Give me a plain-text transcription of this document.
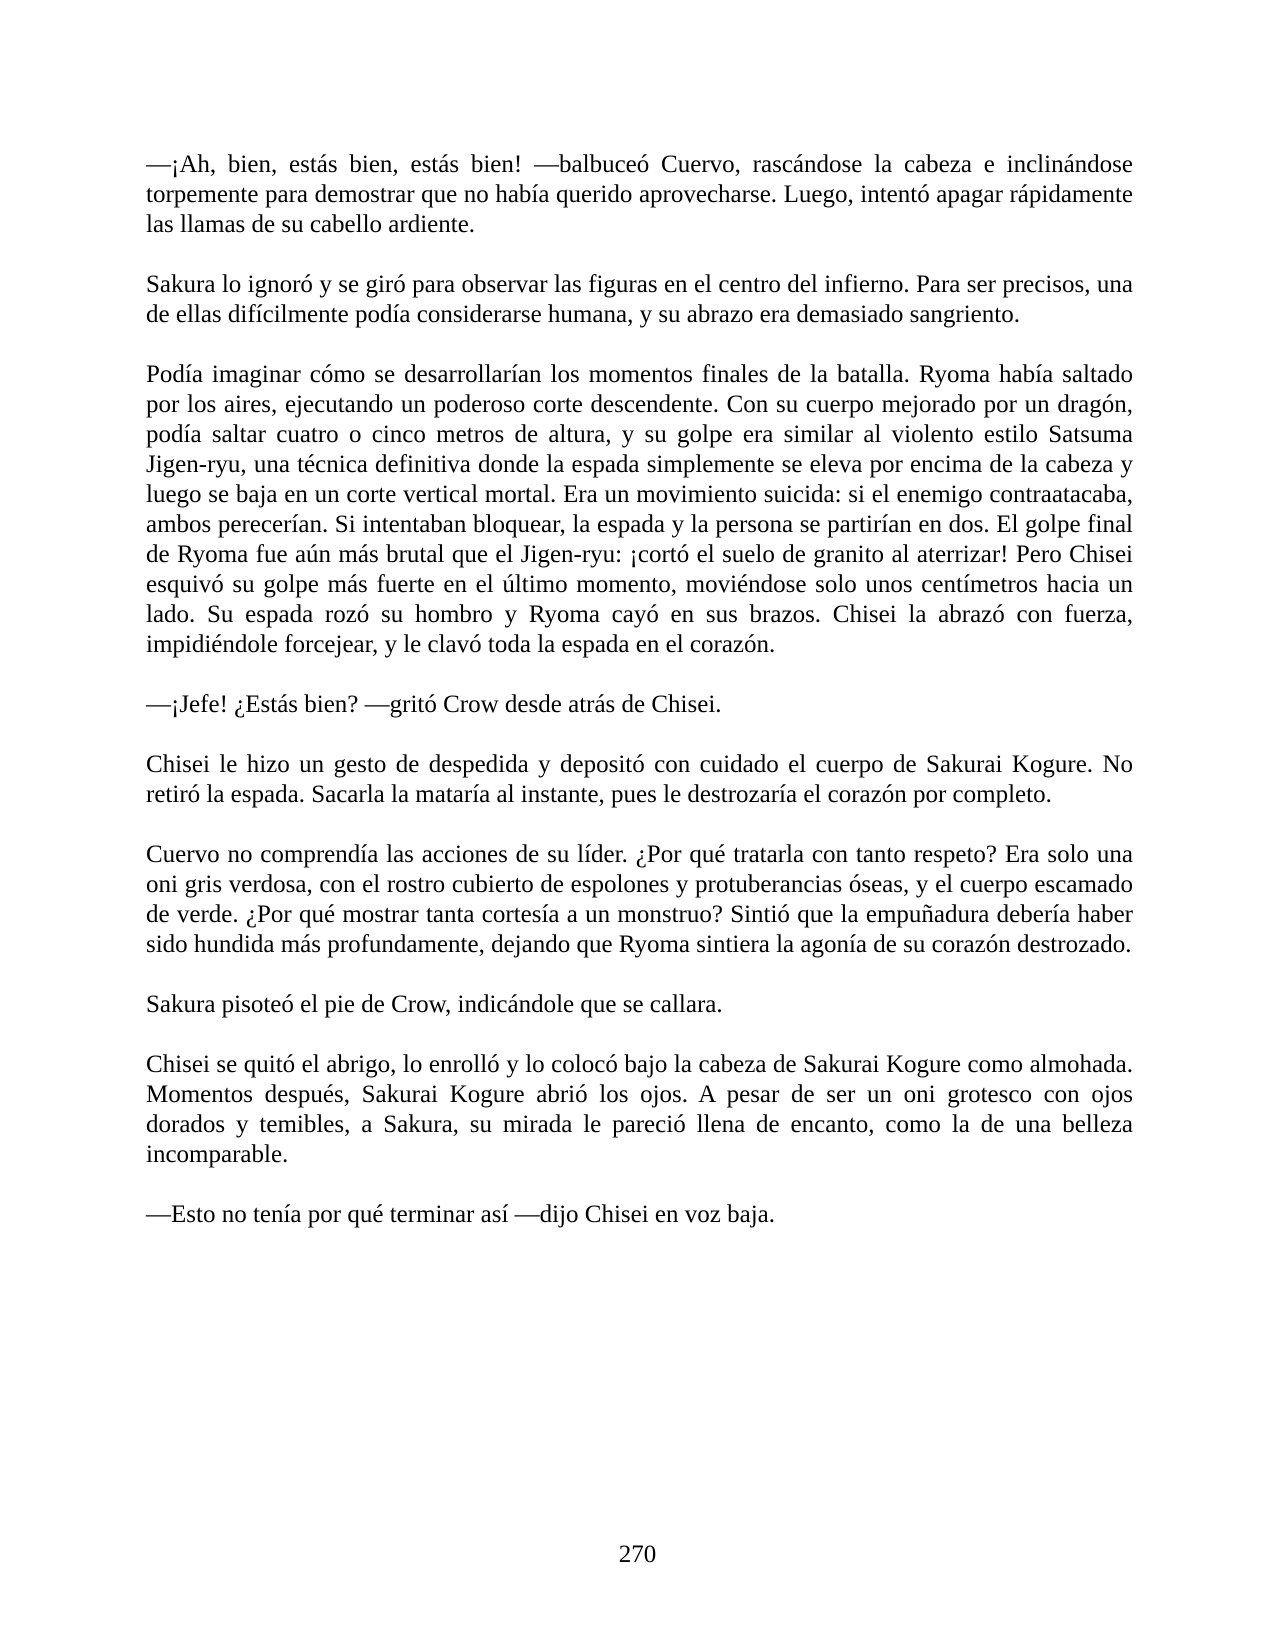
—¡Ah, bien, estás bien, estás bien! —balbuceó Cuervo, rascándose la cabeza e inclinándose torpemente para demostrar que no había querido aprovecharse. Luego, intentó apagar rápidamente las llamas de su cabello ardiente.

Sakura lo ignoró y se giró para observar las figuras en el centro del infierno. Para ser precisos, una de ellas difícilmente podía considerarse humana, y su abrazo era demasiado sangriento.

Podía imaginar cómo se desarrollarían los momentos finales de la batalla. Ryoma había saltado por los aires, ejecutando un poderoso corte descendente. Con su cuerpo mejorado por un dragón, podía saltar cuatro o cinco metros de altura, y su golpe era similar al violento estilo Satsuma Jigen-ryu, una técnica definitiva donde la espada simplemente se eleva por encima de la cabeza y luego se baja en un corte vertical mortal. Era un movimiento suicida: si el enemigo contraatacaba, ambos perecerían. Si intentaban bloquear, la espada y la persona se partirían en dos. El golpe final de Ryoma fue aún más brutal que el Jigen-ryu: ¡cortó el suelo de granito al aterrizar! Pero Chisei esquivó su golpe más fuerte en el último momento, moviéndose solo unos centímetros hacia un lado. Su espada rozó su hombro y Ryoma cayó en sus brazos. Chisei la abrazó con fuerza, impidiéndole forcejear, y le clavó toda la espada en el corazón.

—¡Jefe! ¿Estás bien? —gritó Crow desde atrás de Chisei.

Chisei le hizo un gesto de despedida y depositó con cuidado el cuerpo de Sakurai Kogure. No retiró la espada. Sacarla la mataría al instante, pues le destrozaría el corazón por completo.

Cuervo no comprendía las acciones de su líder. ¿Por qué tratarla con tanto respeto? Era solo una oni gris verdosa, con el rostro cubierto de espolones y protuberancias óseas, y el cuerpo escamado de verde. ¿Por qué mostrar tanta cortesía a un monstruo? Sintió que la empuñadura debería haber sido hundida más profundamente, dejando que Ryoma sintiera la agonía de su corazón destrozado.

Sakura pisoteó el pie de Crow, indicándole que se callara.

Chisei se quitó el abrigo, lo enrolló y lo colocó bajo la cabeza de Sakurai Kogure como almohada. Momentos después, Sakurai Kogure abrió los ojos. A pesar de ser un oni grotesco con ojos dorados y temibles, a Sakura, su mirada le pareció llena de encanto, como la de una belleza incomparable.

—Esto no tenía por qué terminar así —dijo Chisei en voz baja.

270
